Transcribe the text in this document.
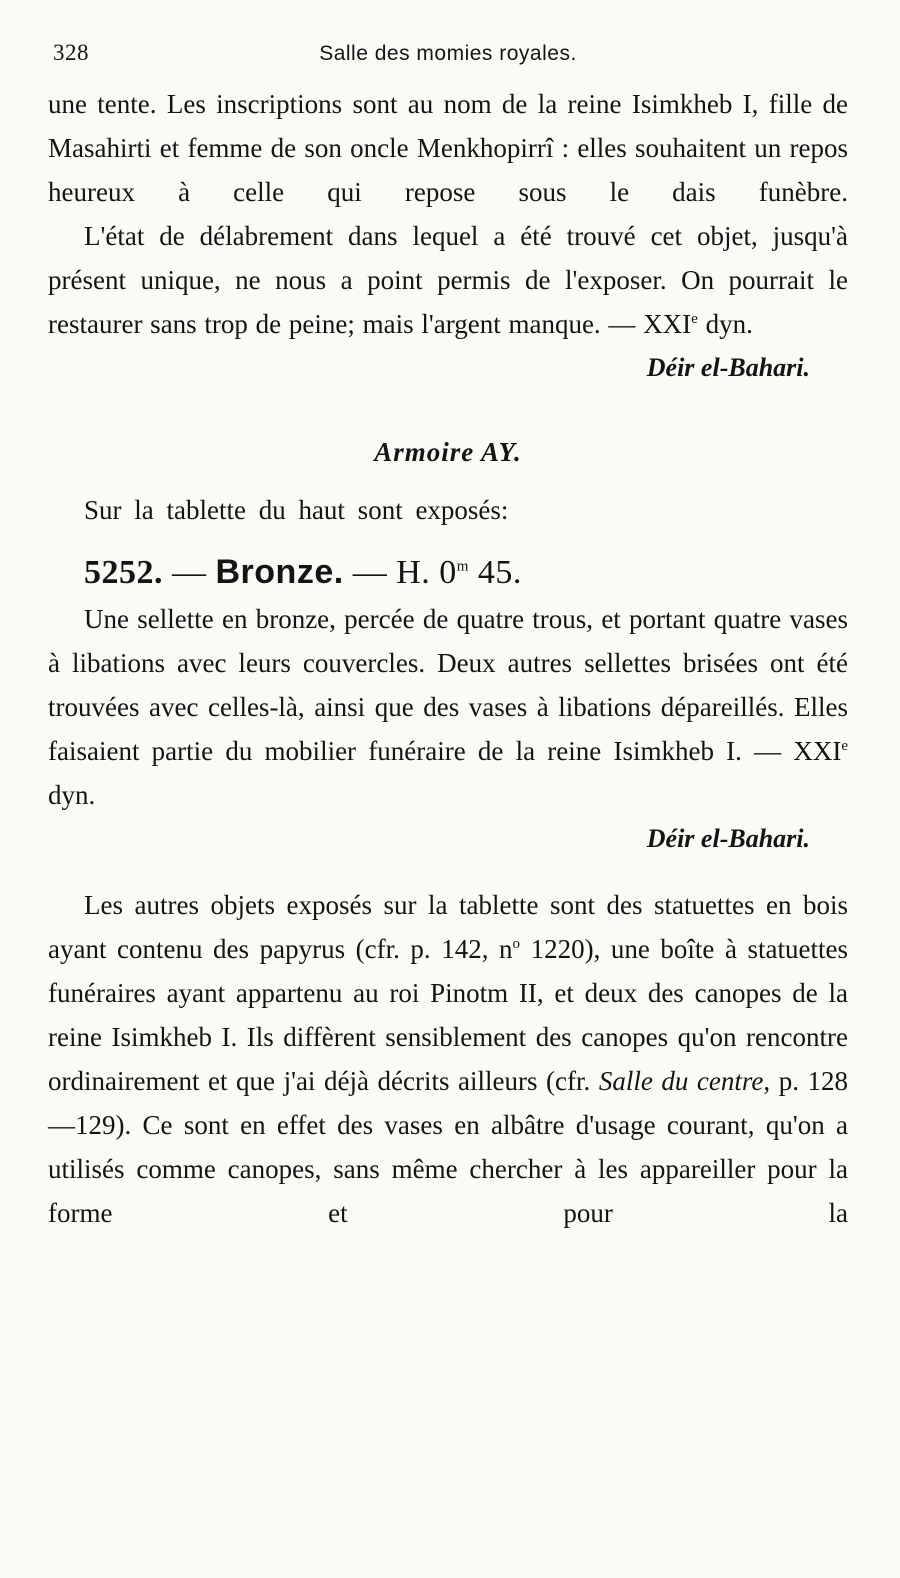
328	Salle des momies royales.

une tente. Les inscriptions sont au nom de la reine Isimkheb I, fille de Masahirti et femme de son oncle Menkhopirrî : elles souhaitent un repos heureux à celle qui repose sous le dais funèbre.

L'état de délabrement dans lequel a été trouvé cet objet, jusqu'à présent unique, ne nous a point permis de l'exposer. On pourrait le restaurer sans trop de peine; mais l'argent manque. — XXIe dyn.

Déir el-Bahari.
Armoire AY.
Sur la tablette du haut sont exposés:
5252. — Bronze. — H. 0$^m$ 45.

Une sellette en bronze, percée de quatre trous, et portant quatre vases à libations avec leurs couvercles. Deux autres sellettes brisées ont été trouvées avec celles-là, ainsi que des vases à libations dépareillés. Elles faisaient partie du mobilier funéraire de la reine Isimkheb I. — XXIe dyn.

Déir el-Bahari.

Les autres objets exposés sur la tablette sont des statuettes en bois ayant contenu des papyrus (cfr. p. 142, $n^o$ 1220), une boîte à statuettes funéraires ayant appartenu au roi Pinotm II, et deux des canopes de la reine Isimkheb I. Ils diffèrent sensiblement des canopes qu'on rencontre ordinairement et que j'ai déjà décrits ailleurs (cfr. Salle du centre, p. 128—129). Ce sont en effet des vases en albâtre d'usage courant, qu'on a utilisés comme canopes, sans même chercher à les appareiller pour la forme et pour la
